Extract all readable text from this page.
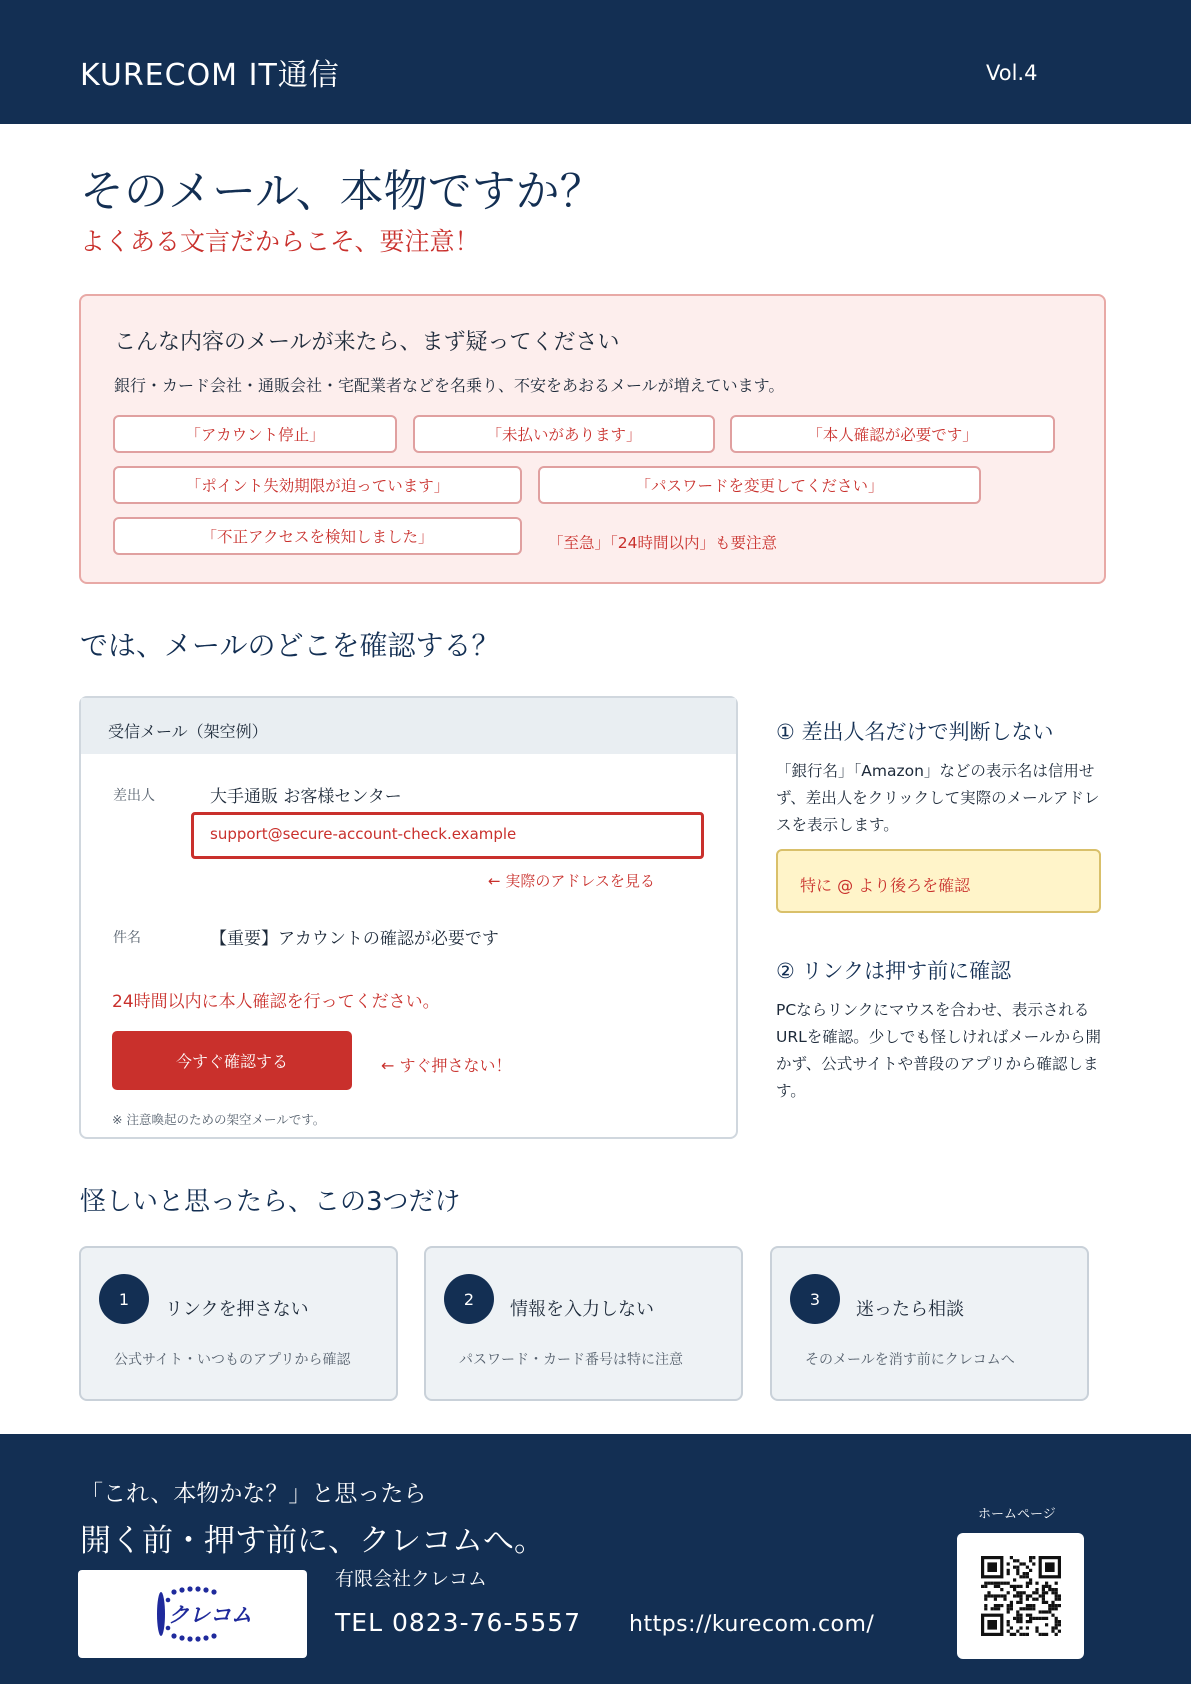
KURECOM IT通信	Vol.4
そのメール、本物ですか？
よくある文言だからこそ、要注意！
こんな内容のメールが来たら、まず疑ってください
銀行・カード会社・通販会社・宅配業者などを名乗り、不安をあおるメールが増えています。
「アカウント停止」	「未払いがあります」	「本人確認が必要です」
「ポイント失効期限が迫っています」	「パスワードを変更してください」
「不正アクセスを検知しました」	「至急」「24時間以内」も要注意
では、メールのどこを確認する？
受信メール（架空例）
差出人	大手通販 お客様センター
support@secure-account-check.example
← 実際のアドレスを見る
件名	【重要】アカウントの確認が必要です
24時間以内に本人確認を行ってください。
今すぐ確認する	← すぐ押さない！
※ 注意喚起のための架空メールです。
① 差出人名だけで判断しない
「銀行名」「Amazon」などの表示名は信用せず、差出人をクリックして実際のメールアドレスを表示します。
特に @ より後ろを確認
② リンクは押す前に確認
PCならリンクにマウスを合わせ、表示されるURLを確認。少しでも怪しければメールから開かず、公式サイトや普段のアプリから確認します。
怪しいと思ったら、この3つだけ
1	リンクを押さない
公式サイト・いつものアプリから確認
2	情報を入力しない
パスワード・カード番号は特に注意
3	迷ったら相談
そのメールを消す前にクレコムへ
「これ、本物かな？」と思ったら
開く前・押す前に、クレコムへ。
クレコム
有限会社クレコム
TEL 0823-76-5557 https://kurecom.com/
ホームページ
